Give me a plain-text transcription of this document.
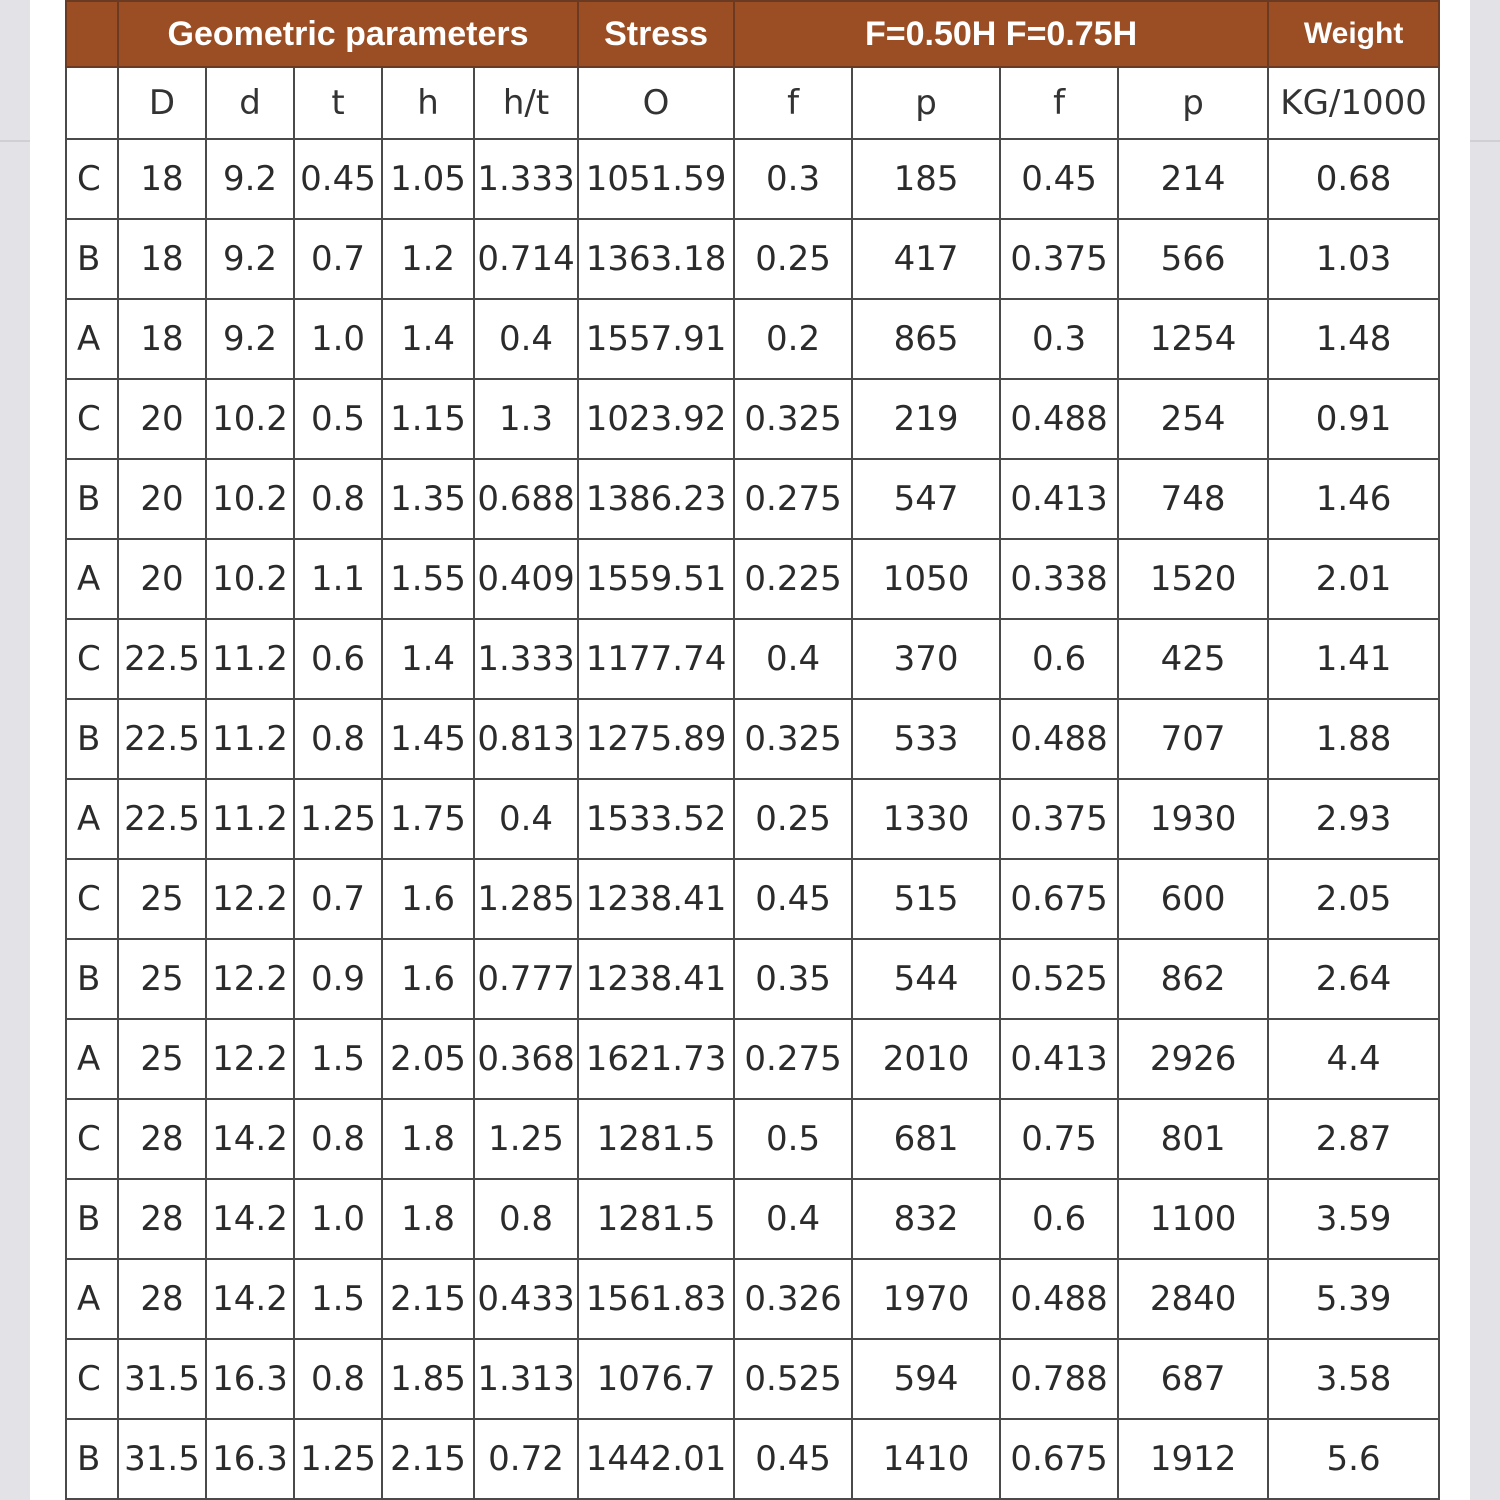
	Geometric parameters					Stress	F=0.50H F=0.75H				Weight
	D	d	t	h	h/t	O	f	p	f	p	KG/1000
C	18	9.2	0.45	1.05	1.333	1051.59	0.3	185	0.45	214	0.68
B	18	9.2	0.7	1.2	0.714	1363.18	0.25	417	0.375	566	1.03
A	18	9.2	1.0	1.4	0.4	1557.91	0.2	865	0.3	1254	1.48
C	20	10.2	0.5	1.15	1.3	1023.92	0.325	219	0.488	254	0.91
B	20	10.2	0.8	1.35	0.688	1386.23	0.275	547	0.413	748	1.46
A	20	10.2	1.1	1.55	0.409	1559.51	0.225	1050	0.338	1520	2.01
C	22.5	11.2	0.6	1.4	1.333	1177.74	0.4	370	0.6	425	1.41
B	22.5	11.2	0.8	1.45	0.813	1275.89	0.325	533	0.488	707	1.88
A	22.5	11.2	1.25	1.75	0.4	1533.52	0.25	1330	0.375	1930	2.93
C	25	12.2	0.7	1.6	1.285	1238.41	0.45	515	0.675	600	2.05
B	25	12.2	0.9	1.6	0.777	1238.41	0.35	544	0.525	862	2.64
A	25	12.2	1.5	2.05	0.368	1621.73	0.275	2010	0.413	2926	4.4
C	28	14.2	0.8	1.8	1.25	1281.5	0.5	681	0.75	801	2.87
B	28	14.2	1.0	1.8	0.8	1281.5	0.4	832	0.6	1100	3.59
A	28	14.2	1.5	2.15	0.433	1561.83	0.326	1970	0.488	2840	5.39
C	31.5	16.3	0.8	1.85	1.313	1076.7	0.525	594	0.788	687	3.58
B	31.5	16.3	1.25	2.15	0.72	1442.01	0.45	1410	0.675	1912	5.6
